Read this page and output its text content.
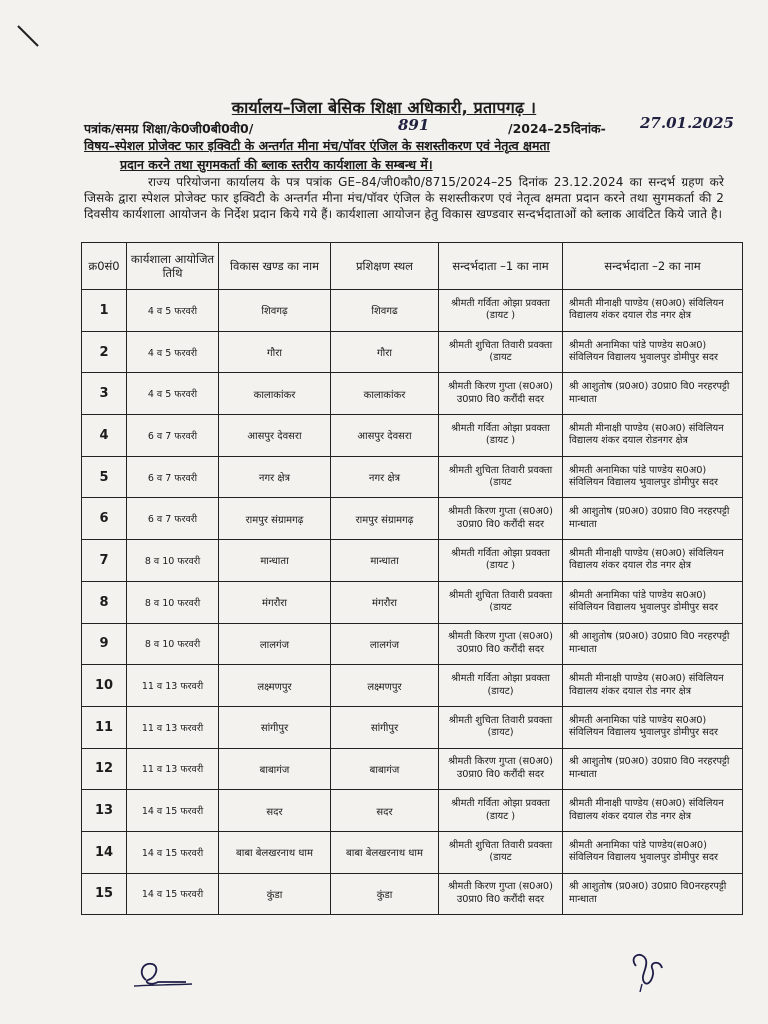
कार्यालय–जिला बेसिक शिक्षा अधिकारी, प्रतापगढ़ ।
पत्रांक/समग्र शिक्षा/के0जी0बी0वी0/	891	/2024–25दिनांक- 27.01.2025
विषय–स्पेशल प्रोजेक्ट फार इक्विटी के अन्तर्गत मीना मंच/पॉवर एंजिल के सशस्तीकरण एवं नेतृत्व क्षमता
प्रदान करने तथा सुगमकर्ता की ब्लाक स्तरीय कार्यशाला के सम्बन्ध में।
राज्य परियोजना कार्यालय के पत्र पत्रांक GE–84/जी0कौ0/8715/2024–25 दिनांक 23.12.2024 का सन्दर्भ ग्रहण करे जिसके द्वारा स्पेशल प्रोजेक्ट फार इक्विटी के अन्तर्गत मीना मंच/पॉवर एंजिल के सशस्तीकरण एवं नेतृत्व क्षमता प्रदान करने तथा सुगमकर्ता की 2 दिवसीय कार्यशाला आयोजन के निर्देश प्रदान किये गये हैं। कार्यशाला आयोजन हेतु विकास खण्डवार सन्दर्भदाताओं को ब्लाक आवंटित किये जाते है।
क्र0सं0	कार्यशाला आयोजित तिथि	विकास खण्ड का नाम	प्रशिक्षण स्थल	सन्दर्भदाता –1 का नाम	सन्दर्भदाता –2 का नाम
1	4 व 5 फरवरी	शिवगढ़	शिवगढ	श्रीमती गर्विता ओझा प्रवक्ता (डायट )	श्रीमती मीनाक्षी पाण्डेय (स0अ0) संविलियन विद्यालय शंकर दयाल रोड नगर क्षेत्र
2	4 व 5 फरवरी	गौरा	गौरा	श्रीमती शुचिता तिवारी प्रवक्ता (डायट	श्रीमती अनामिका पांडे पाण्डेय स0अ0) संविलियन विद्यालय भुवालपुर डोमीपुर सदर
3	4 व 5 फरवरी	कालाकांकर	कालाकांकर	श्रीमती किरण गुप्ता (स0अ0) उ0प्रा0 वि0 करौंदी सदर	श्री आशुतोष (प्र0अ0) उ0प्रा0 वि0 नरहरपट्टी मान्धाता
4	6 व 7 फरवरी	आसपुर देवसरा	आसपुर देवसरा	श्रीमती गर्विता ओझा प्रवक्ता (डायट )	श्रीमती मीनाक्षी पाण्डेय (स0अ0) संविलियन विद्यालय शंकर दयाल रोडनगर क्षेत्र
5	6 व 7 फरवरी	नगर क्षेत्र	नगर क्षेत्र	श्रीमती शुचिता तिवारी प्रवक्ता (डायट	श्रीमती अनामिका पांडे पाण्डेय स0अ0) संविलियन विद्यालय भुवालपुर डोमीपुर सदर
6	6 व 7 फरवरी	रामपुर संग्रामगढ़	रामपुर संग्रामगढ़	श्रीमती किरण गुप्ता (स0अ0) उ0प्रा0 वि0 करौंदी सदर	श्री आशुतोष (प्र0अ0) उ0प्रा0 वि0 नरहरपट्टी मान्धाता
7	8 व 10 फरवरी	मान्धाता	मान्धाता	श्रीमती गर्विता ओझा प्रवक्ता (डायट )	श्रीमती मीनाक्षी पाण्डेय (स0अ0) संविलियन विद्यालय शंकर दयाल रोड नगर क्षेत्र
8	8 व 10 फरवरी	मंगरौरा	मंगरौरा	श्रीमती शुचिता तिवारी प्रवक्ता (डायट	श्रीमती अनामिका पांडे पाण्डेय स0अ0) संविलियन विद्यालय भुवालपुर डोमीपुर सदर
9	8 व 10 फरवरी	लालगंज	लालगंज	श्रीमती किरण गुप्ता (स0अ0) उ0प्रा0 वि0 करौंदी सदर	श्री आशुतोष (प्र0अ0) उ0प्रा0 वि0 नरहरपट्टी मान्धाता
10	11 व 13 फरवरी	लक्ष्मणपुर	लक्ष्मणपुर	श्रीमती गर्विता ओझा प्रवक्ता (डायट)	श्रीमती मीनाक्षी पाण्डेय (स0अ0) संविलियन विद्यालय शंकर दयाल रोड नगर क्षेत्र
11	11 व 13 फरवरी	सांगीपुर	सांगीपुर	श्रीमती शुचिता तिवारी प्रवक्ता (डायट)	श्रीमती अनामिका पांडे पाण्डेय स0अ0) संविलियन विद्यालय भुवालपुर डोमीपुर सदर
12	11 व 13 फरवरी	बाबागंज	बाबागंज	श्रीमती किरण गुप्ता (स0अ0) उ0प्रा0 वि0 करौंदी सदर	श्री आशुतोष (प्र0अ0) उ0प्रा0 वि0 नरहरपट्टी मान्धाता
13	14 व 15 फरवरी	सदर	सदर	श्रीमती गर्विता ओझा प्रवक्ता (डायट )	श्रीमती मीनाक्षी पाण्डेय (स0अ0) संविलियन विद्यालय शंकर दयाल रोड नगर क्षेत्र
14	14 व 15 फरवरी	बाबा बेलखरनाथ धाम	बाबा बेलखरनाथ धाम	श्रीमती शुचिता तिवारी प्रवक्ता (डायट	श्रीमती अनामिका पांडे पाण्डेय(स0अ0) संविलियन विद्यालय भुवालपुर डोमीपुर सदर
15	14 व 15 फरवरी	कुंडा	कुंडा	श्रीमती किरण गुप्ता (स0अ0) उ0प्रा0 वि0 करौंदी सदर	श्री आशुतोष (प्र0अ0) उ0प्रा0 वि0नरहरपट्टी मान्धाता
